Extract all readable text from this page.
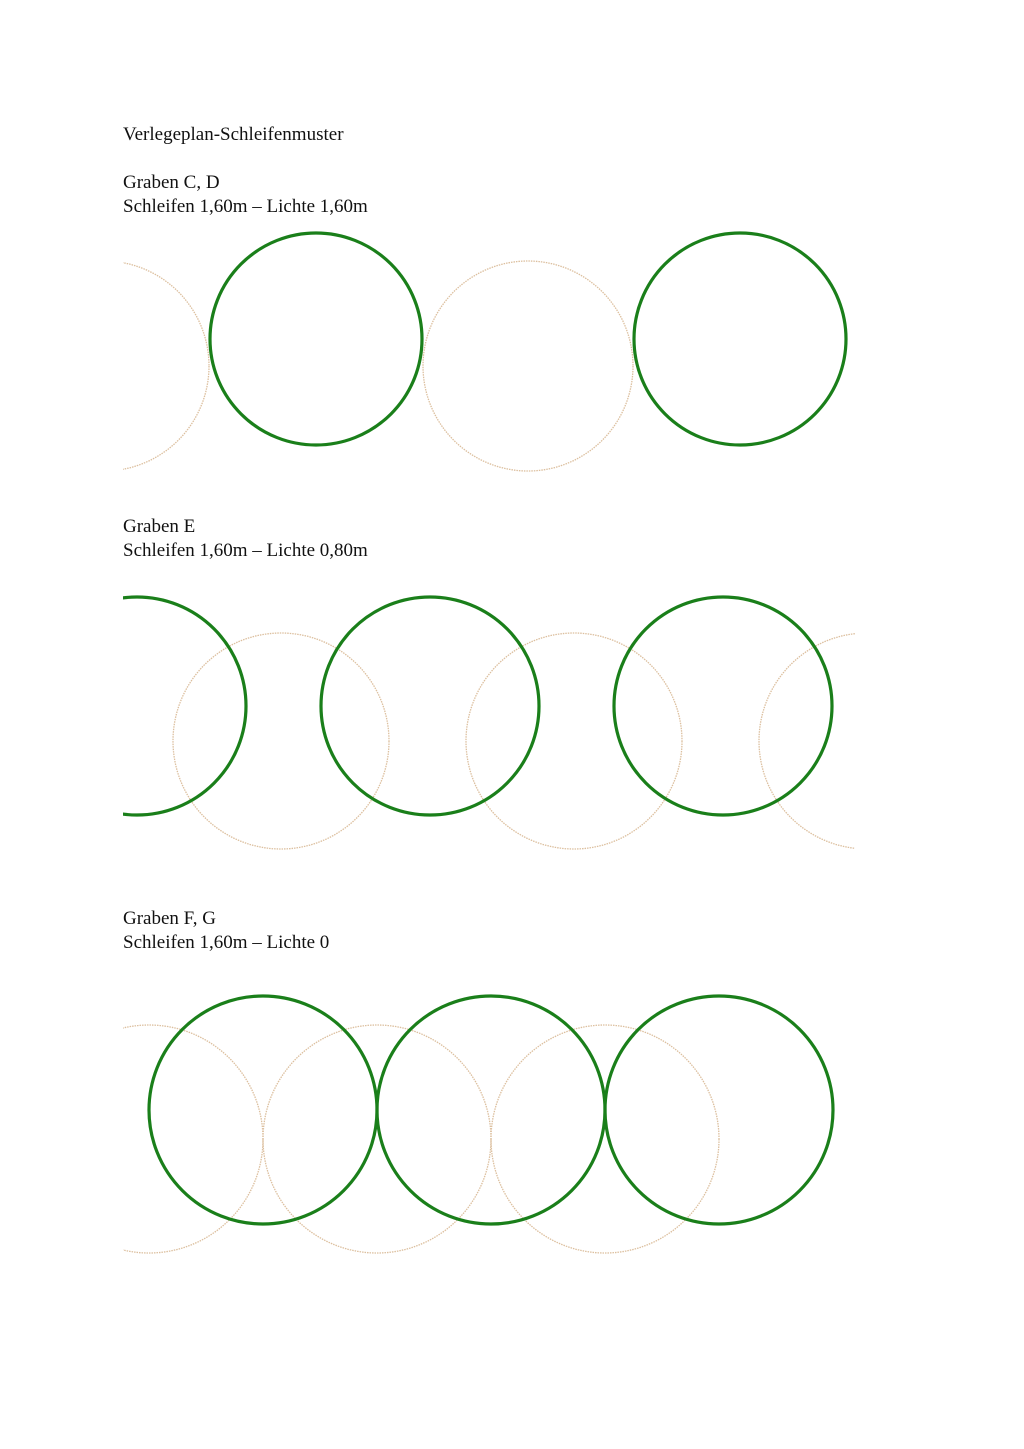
Verlegeplan-Schleifenmuster
Graben C, D
Schleifen 1,60m – Lichte 1,60m
Graben E
Schleifen 1,60m – Lichte 0,80m
Graben F, G
Schleifen 1,60m – Lichte 0
